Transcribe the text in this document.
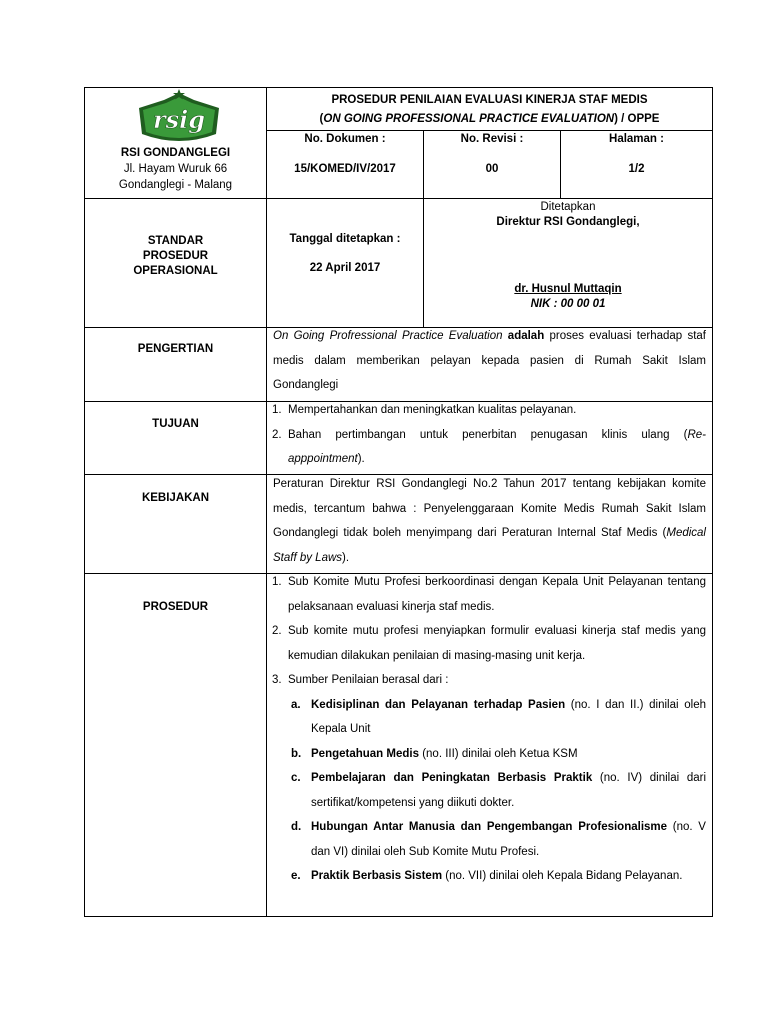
rsig
RSI GONDANGLEGI
Jl. Hayam Wuruk 66
Gondanglegi - Malang
PROSEDUR PENILAIAN EVALUASI KINERJA STAF MEDIS
(ON GOING PROFESSIONAL PRACTICE EVALUATION) / OPPE
No. Dokumen :
15/KOMED/IV/2017
No. Revisi :
00
Halaman :
1/2
STANDAR PROSEDUR OPERASIONAL
Tanggal ditetapkan :
22 April 2017
Ditetapkan
Direktur RSI Gondanglegi,
dr. Husnul Muttaqin
NIK : 00 00 01
PENGERTIAN
On Going Profressional Practice Evaluation adalah proses evaluasi terhadap staf medis dalam memberikan pelayan kepada pasien di Rumah Sakit Islam Gondanglegi
TUJUAN
1. Mempertahankan dan meningkatkan kualitas pelayanan.
2. Bahan pertimbangan untuk penerbitan penugasan klinis ulang (Re-apppointment).
KEBIJAKAN
Peraturan Direktur RSI Gondanglegi No.2 Tahun 2017 tentang kebijakan komite medis, tercantum bahwa : Penyelenggaraan Komite Medis Rumah Sakit Islam Gondanglegi tidak boleh menyimpang dari Peraturan Internal Staf Medis (Medical Staff by Laws).
PROSEDUR
1. Sub Komite Mutu Profesi berkoordinasi dengan Kepala Unit Pelayanan tentang pelaksanaan evaluasi kinerja staf medis.
2. Sub komite mutu profesi menyiapkan formulir evaluasi kinerja staf medis yang kemudian dilakukan penilaian di masing-masing unit kerja.
3. Sumber Penilaian berasal dari :
a. Kedisiplinan dan Pelayanan terhadap Pasien (no. I dan II.) dinilai oleh Kepala Unit
b. Pengetahuan Medis (no. III) dinilai oleh Ketua KSM
c. Pembelajaran dan Peningkatan Berbasis Praktik (no. IV) dinilai dari sertifikat/kompetensi yang diikuti dokter.
d. Hubungan Antar Manusia dan Pengembangan Profesionalisme (no. V dan VI) dinilai oleh Sub Komite Mutu Profesi.
e. Praktik Berbasis Sistem (no. VII) dinilai oleh Kepala Bidang Pelayanan.
